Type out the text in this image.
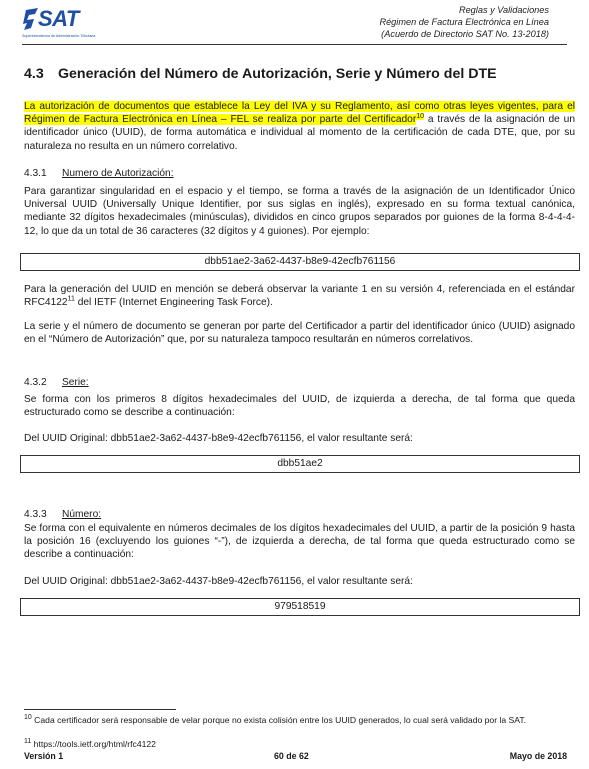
SAT
Superintendencia de Administración Tributaria
Reglas y Validaciones
Régimen de Factura Electrónica en Línea
(Acuerdo de Directorio SAT No. 13-2018)
4.3 Generación del Número de Autorización, Serie y Número del DTE
La autorización de documentos que establece la Ley del IVA y su Reglamento, así como otras leyes vigentes, para el Régimen de Factura Electrónica en Línea – FEL se realiza por parte del Certificador$^{10}$ a través de la asignación de un identificador único (UUID), de forma automática e individual al momento de la certificación de cada DTE, que, por su naturaleza no resulta en un número correlativo.
4.3.1 Numero de Autorización:
Para garantizar singularidad en el espacio y el tiempo, se forma a través de la asignación de un Identificador Único Universal UUID (Universally Unique Identifier, por sus siglas en inglés), expresado en su forma textual canónica, mediante 32 dígitos hexadecimales (minúsculas), divididos en cinco grupos separados por guiones de la forma 8-4-4-4-12, lo que da un total de 36 caracteres (32 dígitos y 4 guiones). Por ejemplo:
dbb51ae2-3a62-4437-b8e9-42ecfb761156
Para la generación del UUID en mención se deberá observar la variante 1 en su versión 4, referenciada en el estándar RFC4122$^{11}$ del IETF (Internet Engineering Task Force).
La serie y el número de documento se generan por parte del Certificador a partir del identificador único (UUID) asignado en el “Número de Autorización” que, por su naturaleza tampoco resultarán en números correlativos.
4.3.2 Serie:
Se forma con los primeros 8 dígitos hexadecimales del UUID, de izquierda a derecha, de tal forma que queda estructurado como se describe a continuación:
Del UUID Original: dbb51ae2-3a62-4437-b8e9-42ecfb761156, el valor resultante será:
dbb51ae2
4.3.3 Número:
Se forma con el equivalente en números decimales de los dígitos hexadecimales del UUID, a partir de la posición 9 hasta la posición 16 (excluyendo los guiones “-”), de izquierda a derecha, de tal forma que queda estructurado como se describe a continuación:
Del UUID Original: dbb51ae2-3a62-4437-b8e9-42ecfb761156, el valor resultante será:
979518519
$^{10}$ Cada certificador será responsable de velar porque no exista colisión entre los UUID generados, lo cual será validado por la SAT.
$^{11}$ https://tools.ietf.org/html/rfc4122
Versión 1	60 de 62	Mayo de 2018
